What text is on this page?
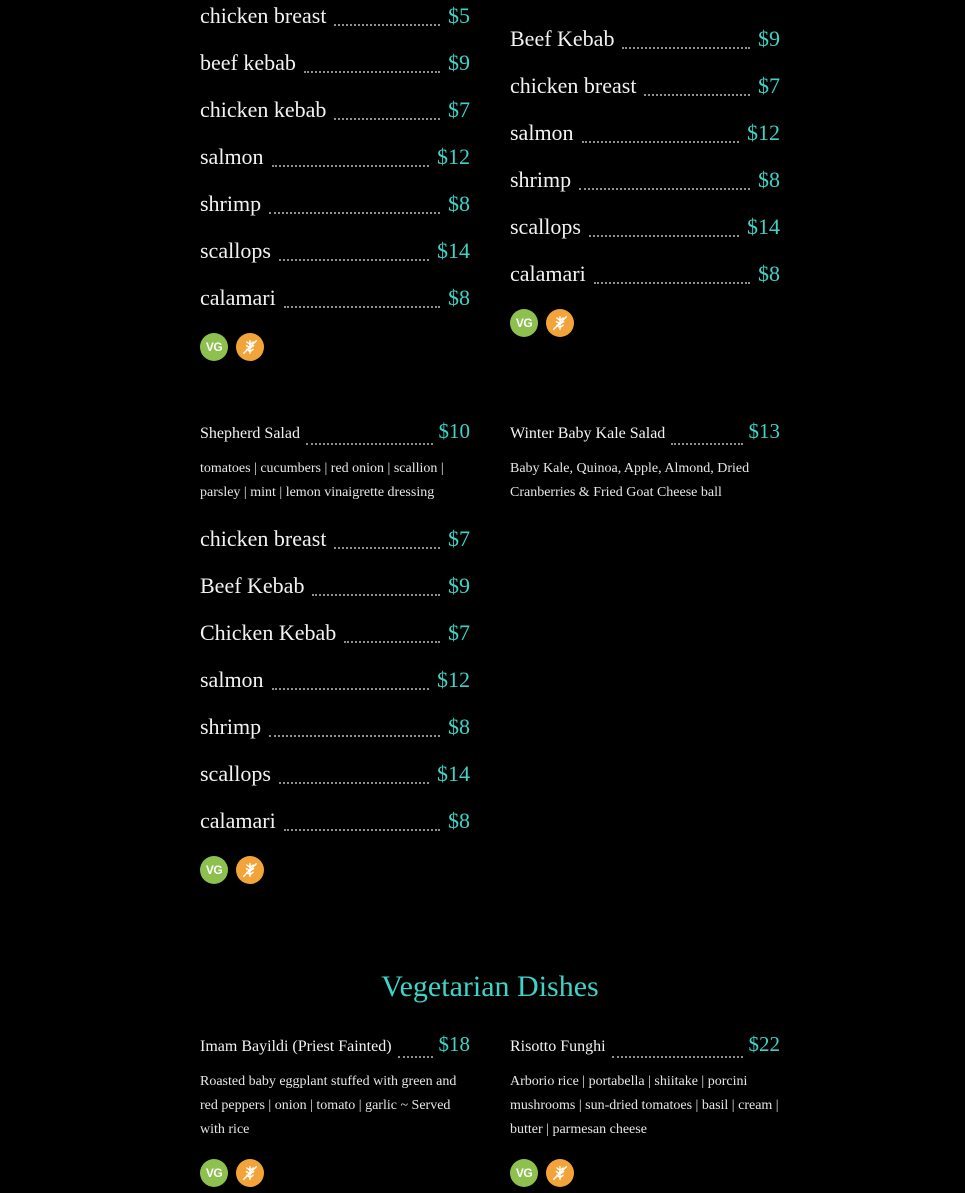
chicken breast	$5
beef kebab	$9
chicken kebab	$7
salmon	$12
shrimp	$8
scallops	$14
calamari	$8
VG
Beef Kebab	$9
chicken breast	$7
salmon	$12
shrimp	$8
scallops	$14
calamari	$8
VG
Shepherd Salad	$10
tomatoes | cucumbers | red onion | scallion | parsley | mint | lemon vinaigrette dressing
chicken breast	$7
Beef Kebab	$9
Chicken Kebab	$7
salmon	$12
shrimp	$8
scallops	$14
calamari	$8
VG
Winter Baby Kale Salad	$13
Baby Kale, Quinoa, Apple, Almond, Dried Cranberries & Fried Goat Cheese ball
Vegetarian Dishes
Imam Bayildi (Priest Fainted) $18
Roasted baby eggplant stuffed with green and red peppers | onion | tomato | garlic ~ Served with rice
VG
Risotto Funghi	$22
Arborio rice | portabella | shiitake | porcini mushrooms | sun-dried tomatoes | basil | cream | butter | parmesan cheese
VG
